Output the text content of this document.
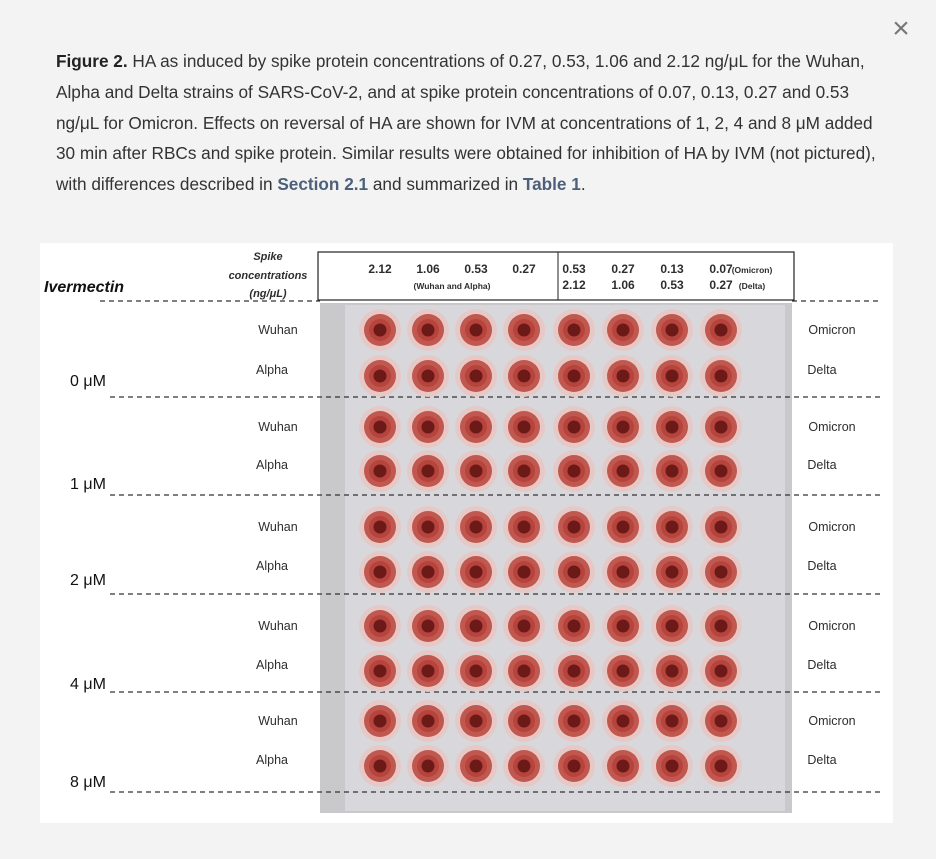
×
Figure 2. HA as induced by spike protein concentrations of 0.27, 0.53, 1.06 and 2.12 ng/μL for the Wuhan, Alpha and Delta strains of SARS-CoV-2, and at spike protein concentrations of 0.07, 0.13, 0.27 and 0.53 ng/μL for Omicron. Effects on reversal of HA are shown for IVM at concentrations of 1, 2, 4 and 8 μM added 30 min after RBCs and spike protein. Similar results were obtained for inhibition of HA by IVM (not pictured), with differences described in Section 2.1 and summarized in Table 1.
2.12 1.06 0.53 0.27
(Wuhan and Alpha)
0.53 0.27 0.13 0.07
2.12 1.06 0.53 0.27
(Omicron)
(Delta)
Spike
concentrations
(ng/μL)
Ivermectin
Wuhan
Alpha
Omicron
Delta
0 μM
Wuhan
Alpha
Omicron
Delta
1 μM
Wuhan
Alpha
Omicron
Delta
2 μM
Wuhan
Alpha
Omicron
Delta
4 μM
Wuhan
Alpha
Omicron
Delta
8 μM
